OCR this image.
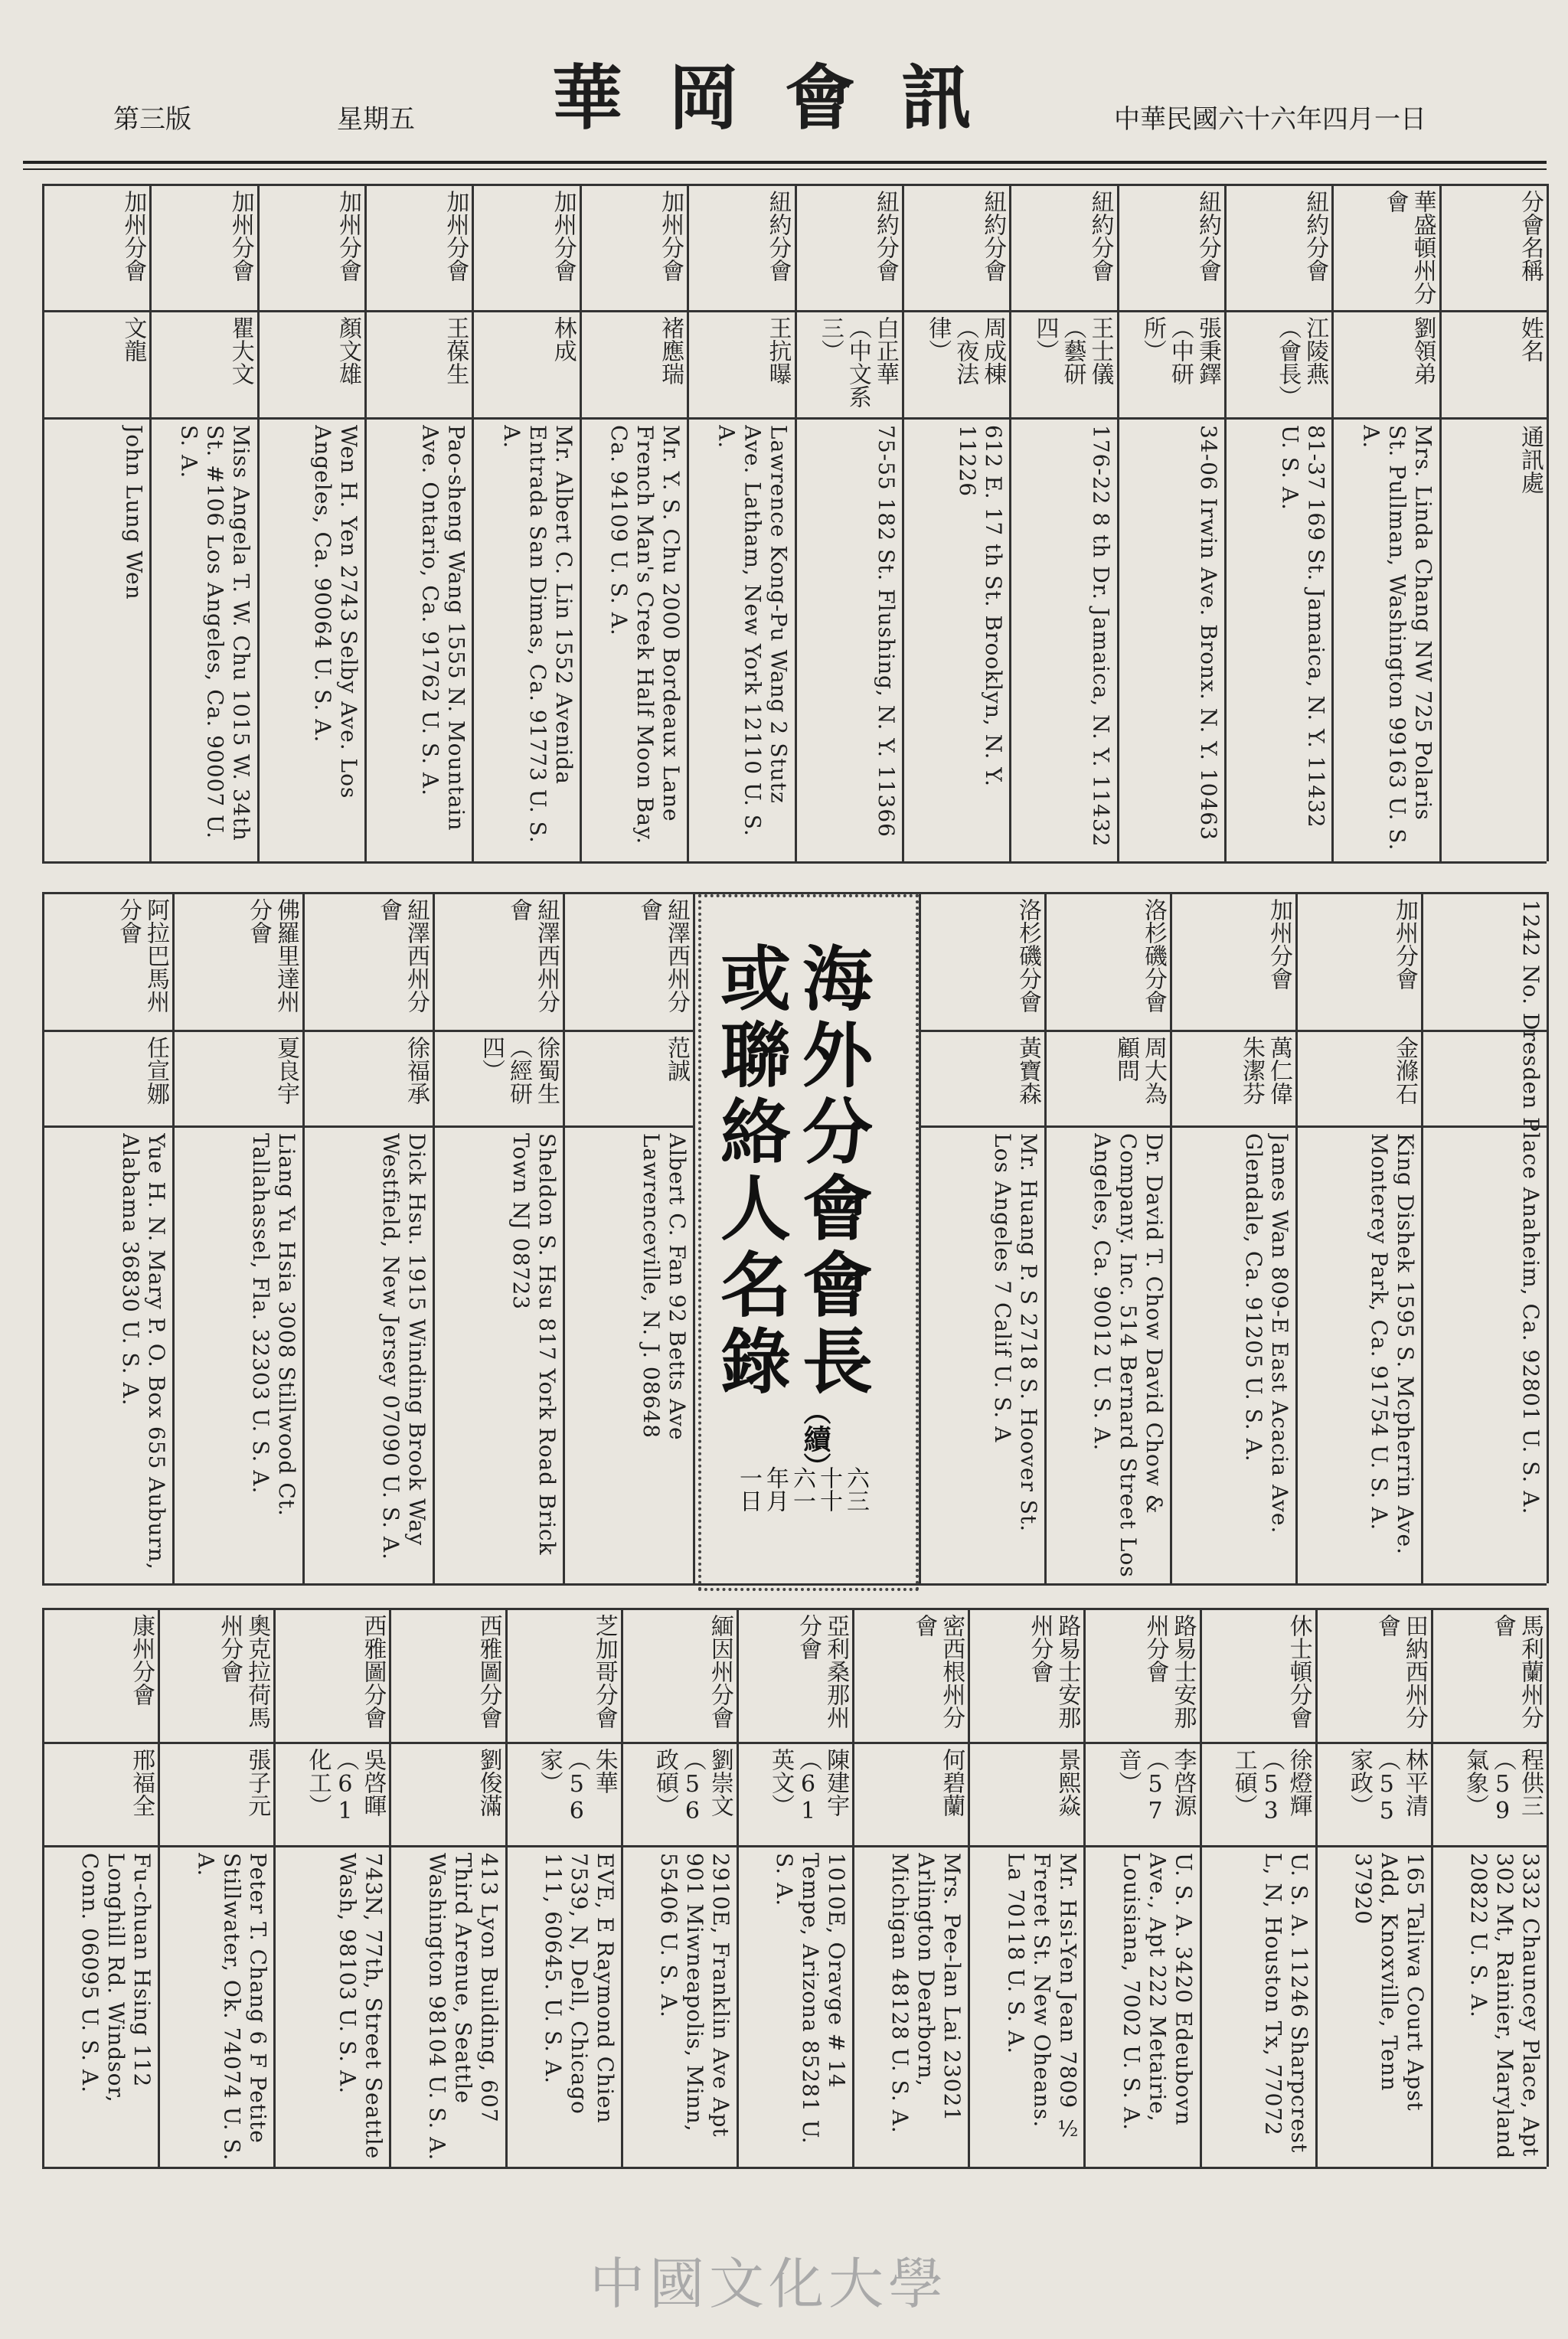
中華民國六十六年四月一日
華岡會訊
星期五
第三版
分會名稱
姓名
通訊處
華盛頓州分會
劉領弟
Mrs. Linda Chang NW 725 Polaris St. Pullman, Washington 99163 U. S. A.
紐約分會
江陵燕（會長）
81-37 169 St. Jamaica, N. Y. 11432 U. S. A.
紐約分會
張秉鐸（中研所）
34-06 Irwin Ave. Bronx. N. Y. 10463
紐約分會
王士儀（藝研四）
176-22 8 th Dr. Jamaica, N. Y. 11432
紐約分會
周成棟（夜法律）
612 E. 17 th St. Brooklyn, N. Y. 11226
紐約分會
白正華（中文系三）
75-55 182 St. Flushing, N. Y. 11366
紐約分會
王抗曝
Lawrence Kong-Pu Wang 2 Stutz Ave. Latham, New York 12110 U. S. A.
加州分會
褚應瑞
Mr. Y. S. Chu 2000 Bordeaux Lane French Man's Creek Half Moon Bay. Ca. 94109 U. S. A.
加州分會
林成
Mr. Albert C. Lin 1552 Avenida Entrada San Dimas, Ca. 91773 U. S. A.
加州分會
王葆生
Pao-sheng Wang 1555 N. Mountain Ave. Ontario, Ca. 91762 U. S. A.
加州分會
顏文雄
Wen H. Yen 2743 Selby Ave. Los Angeles, Ca. 90064 U. S. A.
加州分會
瞿大文
Miss Angela T. W. Chu 1015 W. 34th St. #106 Los Angeles, Ca. 90007 U. S. A.
加州分會
文龍
John Lung Wen
1242 No. Dresden Place Anaheim, Ca. 92801 U. S. A.
加州分會
金滌石
King Dishek 1595 S. Mcpherrin Ave. Monterey Park, Ca. 91754 U. S. A.
加州分會
萬仁偉 朱潔芬
James Wan 809-E East Acacia Ave. Glendale, Ca. 91205 U. S. A.
洛杉磯分會
周大為 顧問
Dr. David T. Chow David Chow & Company. Inc. 514 Bernard Street Los Angeles, Ca. 90012 U. S. A.
洛杉磯分會
黃寶森
Mr. Huang P. S 2718 S. Hoover St. Los Angeles 7 Calif U. S. A
紐澤西州分會
范誠
Albert C. Fan 92 Betts Ave Lawrenceville, N. J. 08648
紐澤西州分會
徐蜀生（經研四）
Sheldon S. Hsu 817 York Road Brick Town NJ 08723
紐澤西州分會
徐福承
Dick Hsu. 1915 Winding Brook Way Westfield, New Jersey 07090 U. S. A.
佛羅里達州分會
夏良宇
Liang Yu Hsia 3008 Stillwood Ct. Tallahassel, Fla. 32303 U. S. A.
阿拉巴馬州分會
任宣娜
Yue H. N. Mary P. O. Box 655 Auburn, Alabama 36830 U. S. A.
馬利蘭州分會
程供三（59氣象）
3332 Chauncey Place, Apt 302 Mt, Rainier, Maryland 20822 U. S. A.
田納西州分會
林平清（55家政）
165 Taliwa Court Apst Add, Knoxville, Tenn 37920
休士頓分會
徐燈輝（53工碩）
U. S. A. 11246 Sharpcrest L, N, Houston Tx, 77072
路易士安那州分會
李啓源（57音）
U. S. A. 3420 Edeubovn Ave., Apt 222 Metairie, Louisiana, 7002 U. S. A.
路易士安那州分會
景熙焱
Mr. Hsi-Yen Jean 7809 ½ Freret St. New Oheans. La 70118 U. S. A.
密西根州分會
何碧蘭
Mrs. Pee-lan Lai 23021 Arlington Dearborn, Michigan 48128 U. S. A.
亞利桑那州分會
陳建宇（61英文）
1010E, Oravge # 14 Tempe, Arizona 85281 U. S. A.
緬因州分會
劉崇文（56政碩）
2910E, Franklin Ave Apt 901 Miwneapolis, Minn, 55406 U. S. A.
芝加哥分會
朱華（56家）
EVE, E Raymond Chien 7539, N, Dell, Chicago 111, 60645. U. S. A.
西雅圖分會
劉俊滿
413 Lyon Building, 607 Third Arenue, Seattle Washington 98104 U. S. A.
西雅圖分會
吳啓暉（61化工）
743N, 77th, Street Seattle Wash, 98103 U. S. A.
奧克拉荷馬州分會
張子元
Peter T. Chang 6 F Petite Stillwater, Ok. 74074 U. S. A.
康州分會
邢福全
Fu-chuan Hsing 112 Longhill Rd. Windsor, Conn. 06095 U. S. A.
海外分會會長
或聯絡人名錄
（續）
六三
十十
六一
年月
一日
中國文化大學
